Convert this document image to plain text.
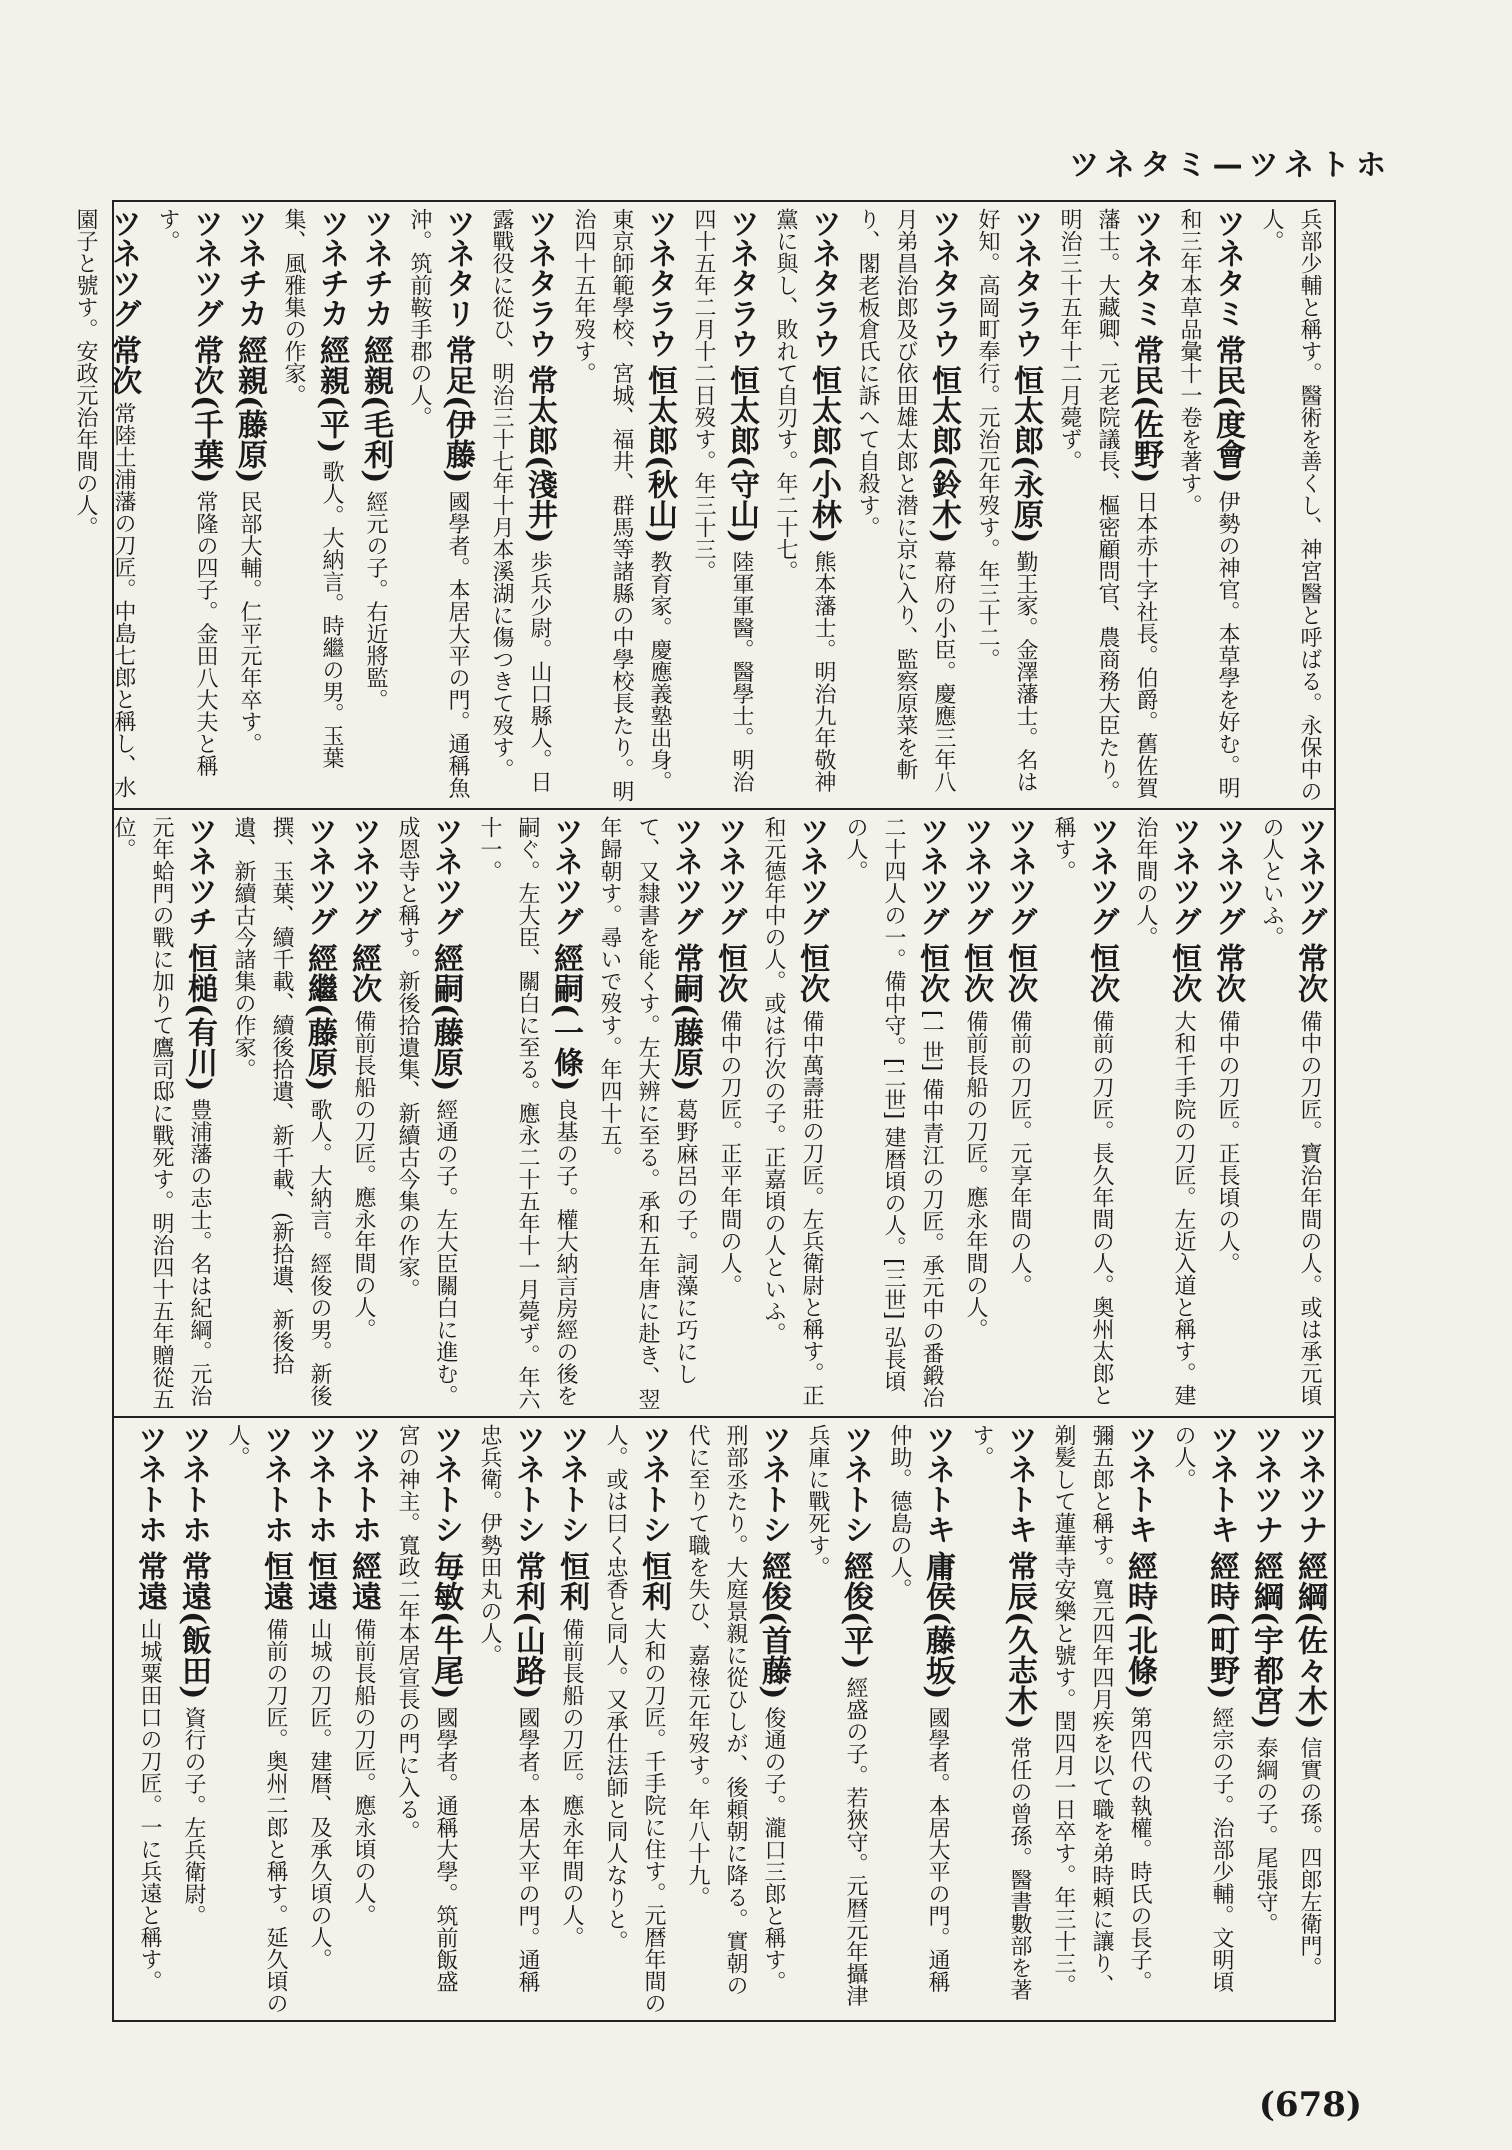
ツネタミ—ツネトホ
兵部少輔と稱す。醫術を善くし、神宮醫と呼ばる。永保中の人。
ツネタミ 常民(度會) 伊勢の神官。本草學を好む。明和三年本草品彙十一卷を著す。
ツネタミ 常民(佐野) 日本赤十字社長。伯爵。舊佐賀藩士。大藏卿、元老院議長、樞密顧問官、農商務大臣たり。明治三十五年十二月薨ず。
ツネタラウ 恒太郎(永原) 勤王家。金澤藩士。名は好知。高岡町奉行。元治元年歿す。年三十二。
ツネタラウ 恒太郎(鈴木) 幕府の小臣。慶應三年八月弟昌治郎及び依田雄太郎と潜に京に入り、監察原菜を斬り、閣老板倉氏に訴へて自殺す。
ツネタラウ 恒太郎(小林) 熊本藩士。明治九年敬神黨に與し、敗れて自刃す。年二十七。
ツネタラウ 恒太郎(守山) 陸軍軍醫。醫學士。明治四十五年二月十二日歿す。年三十三。
ツネタラウ 恒太郎(秋山) 教育家。慶應義塾出身。東京師範學校、宮城、福井、群馬等諸縣の中學校長たり。明治四十五年歿す。
ツネタラウ 常太郎(淺井) 歩兵少尉。山口縣人。日露戰役に從ひ、明治三十七年十月本溪湖に傷つきて歿す。
ツネタリ 常足(伊藤) 國學者。本居大平の門。通稱魚沖。筑前鞍手郡の人。
ツネチカ 經親(毛利) 經元の子。右近將監。
ツネチカ 經親(平) 歌人。大納言。時繼の男。玉葉集、風雅集の作家。
ツネチカ 經親(藤原) 民部大輔。仁平元年卒す。
ツネツグ 常次(千葉) 常隆の四子。金田八大夫と稱す。
ツネツグ 常次 常陸土浦藩の刀匠。中島七郎と稱し、水園子と號す。安政元治年間の人。
ツネツグ 常次 備中の刀匠。寶治年間の人。或は承元頃の人といふ。
ツネツグ 常次 備中の刀匠。正長頃の人。
ツネツグ 恒次 大和千手院の刀匠。左近入道と稱す。建治年間の人。
ツネツグ 恒次 備前の刀匠。長久年間の人。奥州太郎と稱す。
ツネツグ 恒次 備前の刀匠。元享年間の人。
ツネツグ 恒次 備前長船の刀匠。應永年間の人。
ツネツグ 恒次 [一世] 備中青江の刀匠。承元中の番鍛冶二十四人の一。備中守。[二世] 建暦頃の人。[三世] 弘長頃の人。
ツネツグ 恒次 備中萬壽莊の刀匠。左兵衛尉と稱す。正和元德年中の人。或は行次の子。正嘉頃の人といふ。
ツネツグ 恒次 備中の刀匠。正平年間の人。
ツネツグ 常嗣(藤原) 葛野麻呂の子。詞藻に巧にして、又隸書を能くす。左大辨に至る。承和五年唐に赴き、翌年歸朝す。尋いで歿す。年四十五。
ツネツグ 經嗣(一條) 良基の子。權大納言房經の後を嗣ぐ。左大臣、關白に至る。應永二十五年十一月薨ず。年六十一。
ツネツグ 經嗣(藤原) 經通の子。左大臣關白に進む。成恩寺と稱す。新後拾遺集、新續古今集の作家。
ツネツグ 經次 備前長船の刀匠。應永年間の人。
ツネツグ 經繼(藤原) 歌人。大納言。經俊の男。新後撰、玉葉、續千載、續後拾遺、新千載、(新拾遺、新後拾遺、新續古今諸集の作家。
ツネツチ 恒槌(有川) 豊浦藩の志士。名は紀綱。元治元年蛤門の戰に加りて鷹司邸に戰死す。明治四十五年贈從五位。
ツネツナ 經綱(佐々木) 信實の孫。四郎左衛門。
ツネツナ 經綱(宇都宮) 泰綱の子。尾張守。
ツネトキ 經時(町野) 經宗の子。治部少輔。文明頃の人。
ツネトキ 經時(北條) 第四代の執權。時氏の長子。彌五郎と稱す。寬元四年四月疾を以て職を弟時頼に讓り、剃髪して蓮華寺安樂と號す。閏四月一日卒す。年三十三。
ツネトキ 常辰(久志木) 常任の曾孫。醫書數部を著す。
ツネトキ 庸侯(藤坂) 國學者。本居大平の門。通稱仲助。德島の人。
ツネトシ 經俊(平) 經盛の子。若狹守。元暦元年攝津兵庫に戰死す。
ツネトシ 經俊(首藤) 俊通の子。瀧口三郎と稱す。刑部丞たり。大庭景親に從ひしが、後頼朝に降る。實朝の代に至りて職を失ひ、嘉祿元年歿す。年八十九。
ツネトシ 恒利 大和の刀匠。千手院に住す。元暦年間の人。或は曰く忠香と同人。又承仕法師と同人なりと。
ツネトシ 恒利 備前長船の刀匠。應永年間の人。
ツネトシ 常利(山路) 國學者。本居大平の門。通稱忠兵衛。伊勢田丸の人。
ツネトシ 毎敏(牛尾) 國學者。通稱大學。筑前飯盛宮の神主。寬政二年本居宣長の門に入る。
ツネトホ 經遠 備前長船の刀匠。應永頃の人。
ツネトホ 恒遠 山城の刀匠。建暦、及承久頃の人。
ツネトホ 恒遠 備前の刀匠。奥州二郎と稱す。延久頃の人。
ツネトホ 常遠(飯田) 資行の子。左兵衛尉。
ツネトホ 常遠 山城粟田口の刀匠。一に兵遠と稱す。
(678)
